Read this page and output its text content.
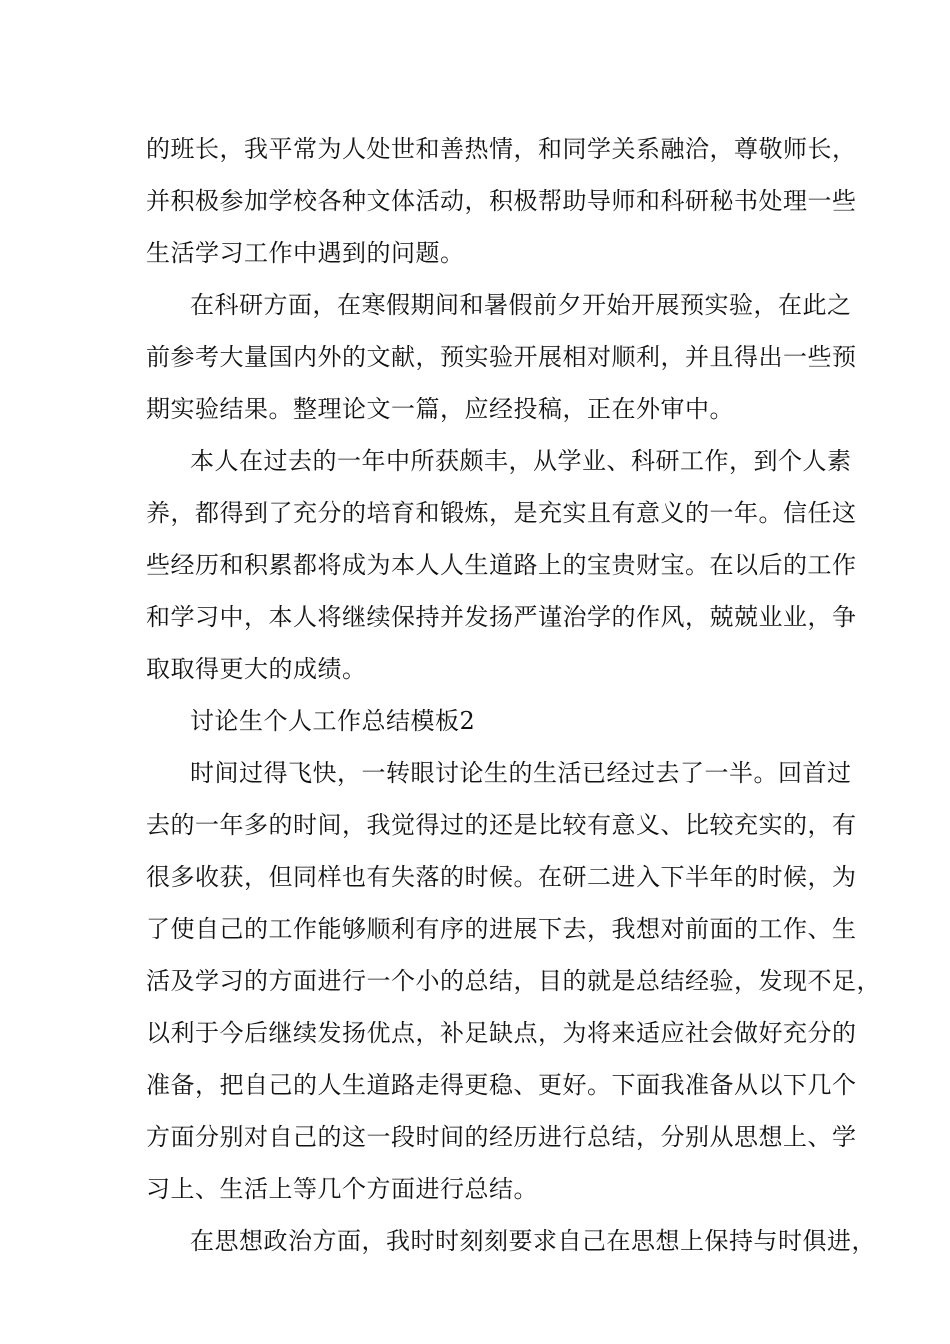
的班长，我平常为人处世和善热情，和同学关系融洽，尊敬师长，
并积极参加学校各种文体活动，积极帮助导师和科研秘书处理一些
生活学习工作中遇到的问题。
在科研方面，在寒假期间和暑假前夕开始开展预实验，在此之
前参考大量国内外的文献，预实验开展相对顺利，并且得出一些预
期实验结果。整理论文一篇，应经投稿，正在外审中。
本人在过去的一年中所获颇丰，从学业、科研工作，到个人素
养，都得到了充分的培育和锻炼，是充实且有意义的一年。信任这
些经历和积累都将成为本人人生道路上的宝贵财宝。在以后的工作
和学习中，本人将继续保持并发扬严谨治学的作风，兢兢业业，争
取取得更大的成绩。
讨论生个人工作总结模板2
时间过得飞快，一转眼讨论生的生活已经过去了一半。回首过
去的一年多的时间，我觉得过的还是比较有意义、比较充实的，有
很多收获，但同样也有失落的时候。在研二进入下半年的时候，为
了使自己的工作能够顺利有序的进展下去，我想对前面的工作、生
活及学习的方面进行一个小的总结，目的就是总结经验，发现不足，
以利于今后继续发扬优点，补足缺点，为将来适应社会做好充分的
准备，把自己的人生道路走得更稳、更好。下面我准备从以下几个
方面分别对自己的这一段时间的经历进行总结，分别从思想上、学
习上、生活上等几个方面进行总结。
在思想政治方面，我时时刻刻要求自己在思想上保持与时俱进，
